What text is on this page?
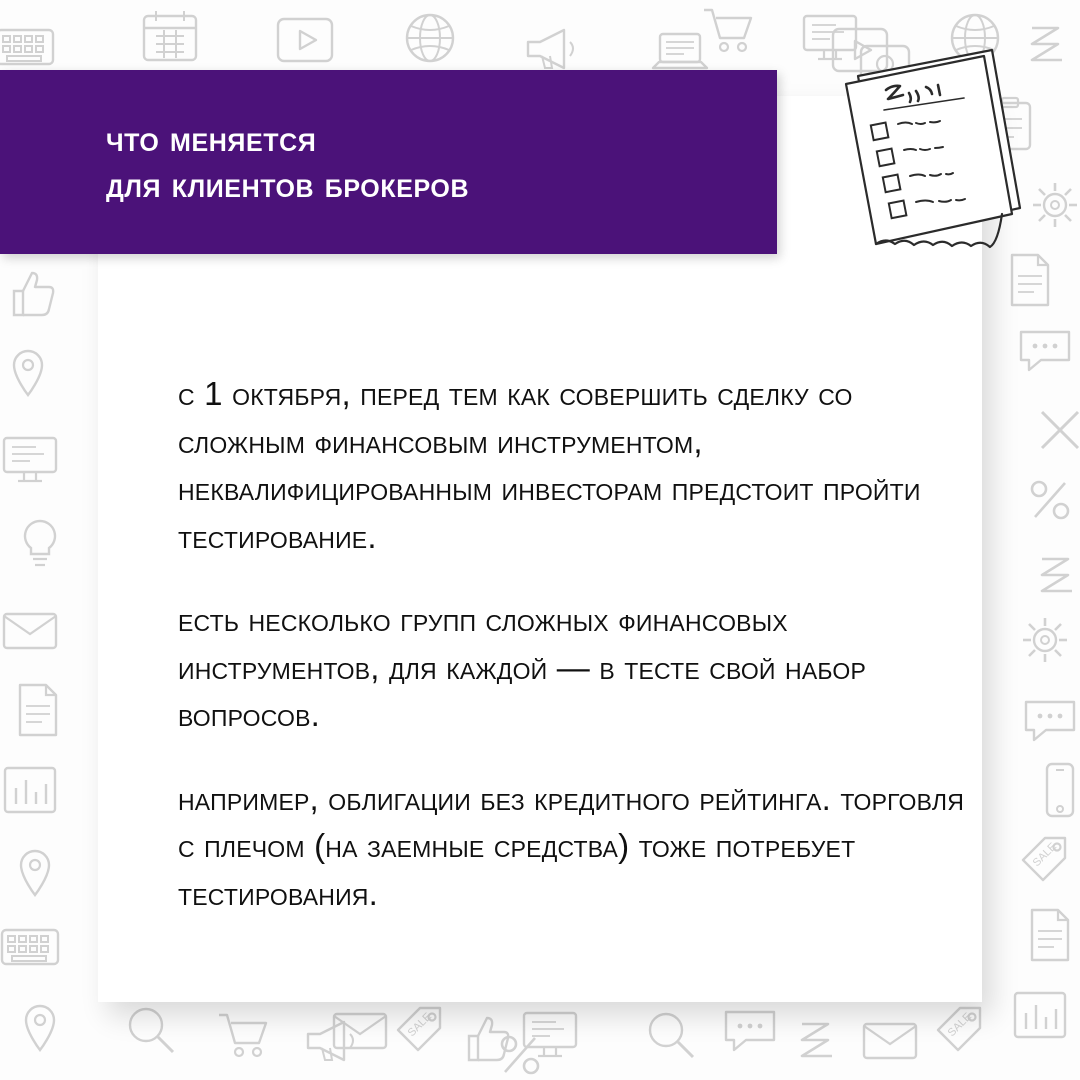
SALE
что меняется
для клиентов брокеров

с 1 октября, перед тем как совершить сделку со сложным финансовым инструментом, неквалифицированным инвесторам предстоит пройти тестирование.

есть несколько групп сложных финансовых инструментов, для каждой — в тесте свой набор вопросов.

например, облигации без кредитного рейтинга. торговля с плечом (на заемные средства) тоже потребует тестирования.
